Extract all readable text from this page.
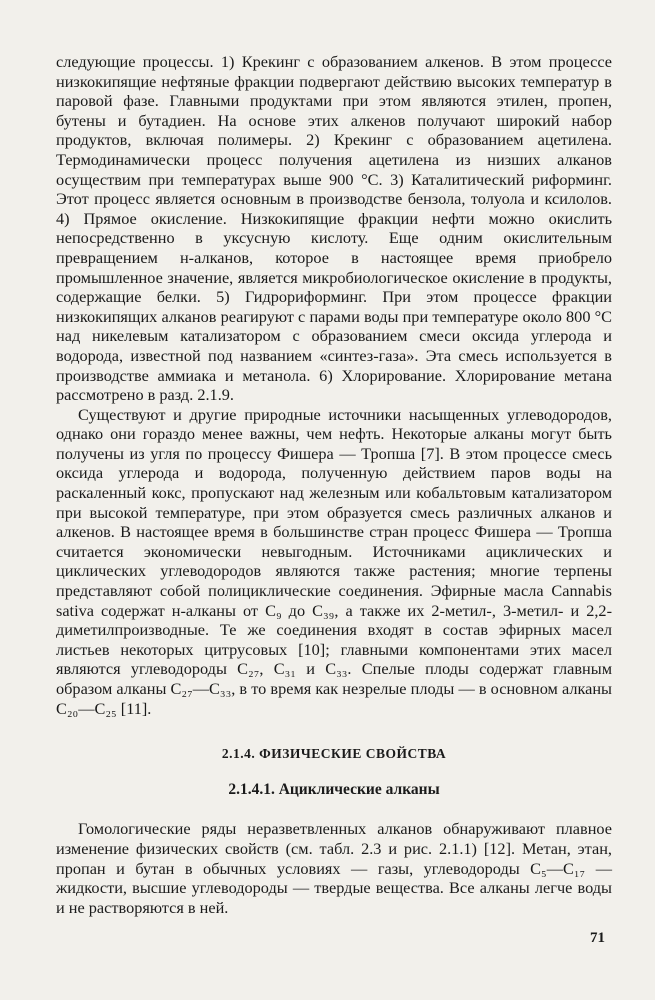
следующие процессы. 1) Крекинг с образованием алкенов. В этом процессе низкокипящие нефтяные фракции подвергают действию высоких температур в паровой фазе. Главными продуктами при этом являются этилен, пропен, бутены и бутадиен. На основе этих алкенов получают широкий набор продуктов, включая полимеры. 2) Крекинг с образованием ацетилена. Термодинамически процесс получения ацетилена из низших алканов осуществим при температурах выше 900 °C. 3) Каталитический риформинг. Этот процесс является основным в производстве бензола, толуола и ксилолов. 4) Прямое окисление. Низкокипящие фракции нефти можно окислить непосредственно в уксусную кислоту. Еще одним окислительным превращением н-алканов, которое в настоящее время приобрело промышленное значение, является микробиологическое окисление в продукты, содержащие белки. 5) Гидрориформинг. При этом процессе фракции низкокипящих алканов реагируют с парами воды при температуре около 800 °C над никелевым катализатором с образованием смеси оксида углерода и водорода, известной под названием «синтез-газа». Эта смесь используется в производстве аммиака и метанола. 6) Хлорирование. Хлорирование метана рассмотрено в разд. 2.1.9.

Существуют и другие природные источники насыщенных углеводородов, однако они гораздо менее важны, чем нефть. Некоторые алканы могут быть получены из угля по процессу Фишера — Тропша [7]. В этом процессе смесь оксида углерода и водорода, полученную действием паров воды на раскаленный кокс, пропускают над железным или кобальтовым катализатором при высокой температуре, при этом образуется смесь различных алканов и алкенов. В настоящее время в большинстве стран процесс Фишера — Тропша считается экономически невыгодным. Источниками ациклических и циклических углеводородов являются также растения; многие терпены представляют собой полициклические соединения. Эфирные масла Cannabis sativa содержат н-алканы от C₉ до C₃₉, а также их 2-метил-, 3-метил- и 2,2-диметилпроизводные. Те же соединения входят в состав эфирных масел листьев некоторых цитрусовых [10]; главными компонентами этих масел являются углеводороды C₂₇, C₃₁ и C₃₃. Спелые плоды содержат главным образом алканы C₂₇—C₃₃, в то время как незрелые плоды — в основном алканы C₂₀—C₂₅ [11].

2.1.4. ФИЗИЧЕСКИЕ СВОЙСТВА
2.1.4.1. Ациклические алканы

Гомологические ряды неразветвленных алканов обнаруживают плавное изменение физических свойств (см. табл. 2.3 и рис. 2.1.1) [12]. Метан, этан, пропан и бутан в обычных условиях — газы, углеводороды C₅—C₁₇ — жидкости, высшие углеводороды — твердые вещества. Все алканы легче воды и не растворяются в ней.

71
